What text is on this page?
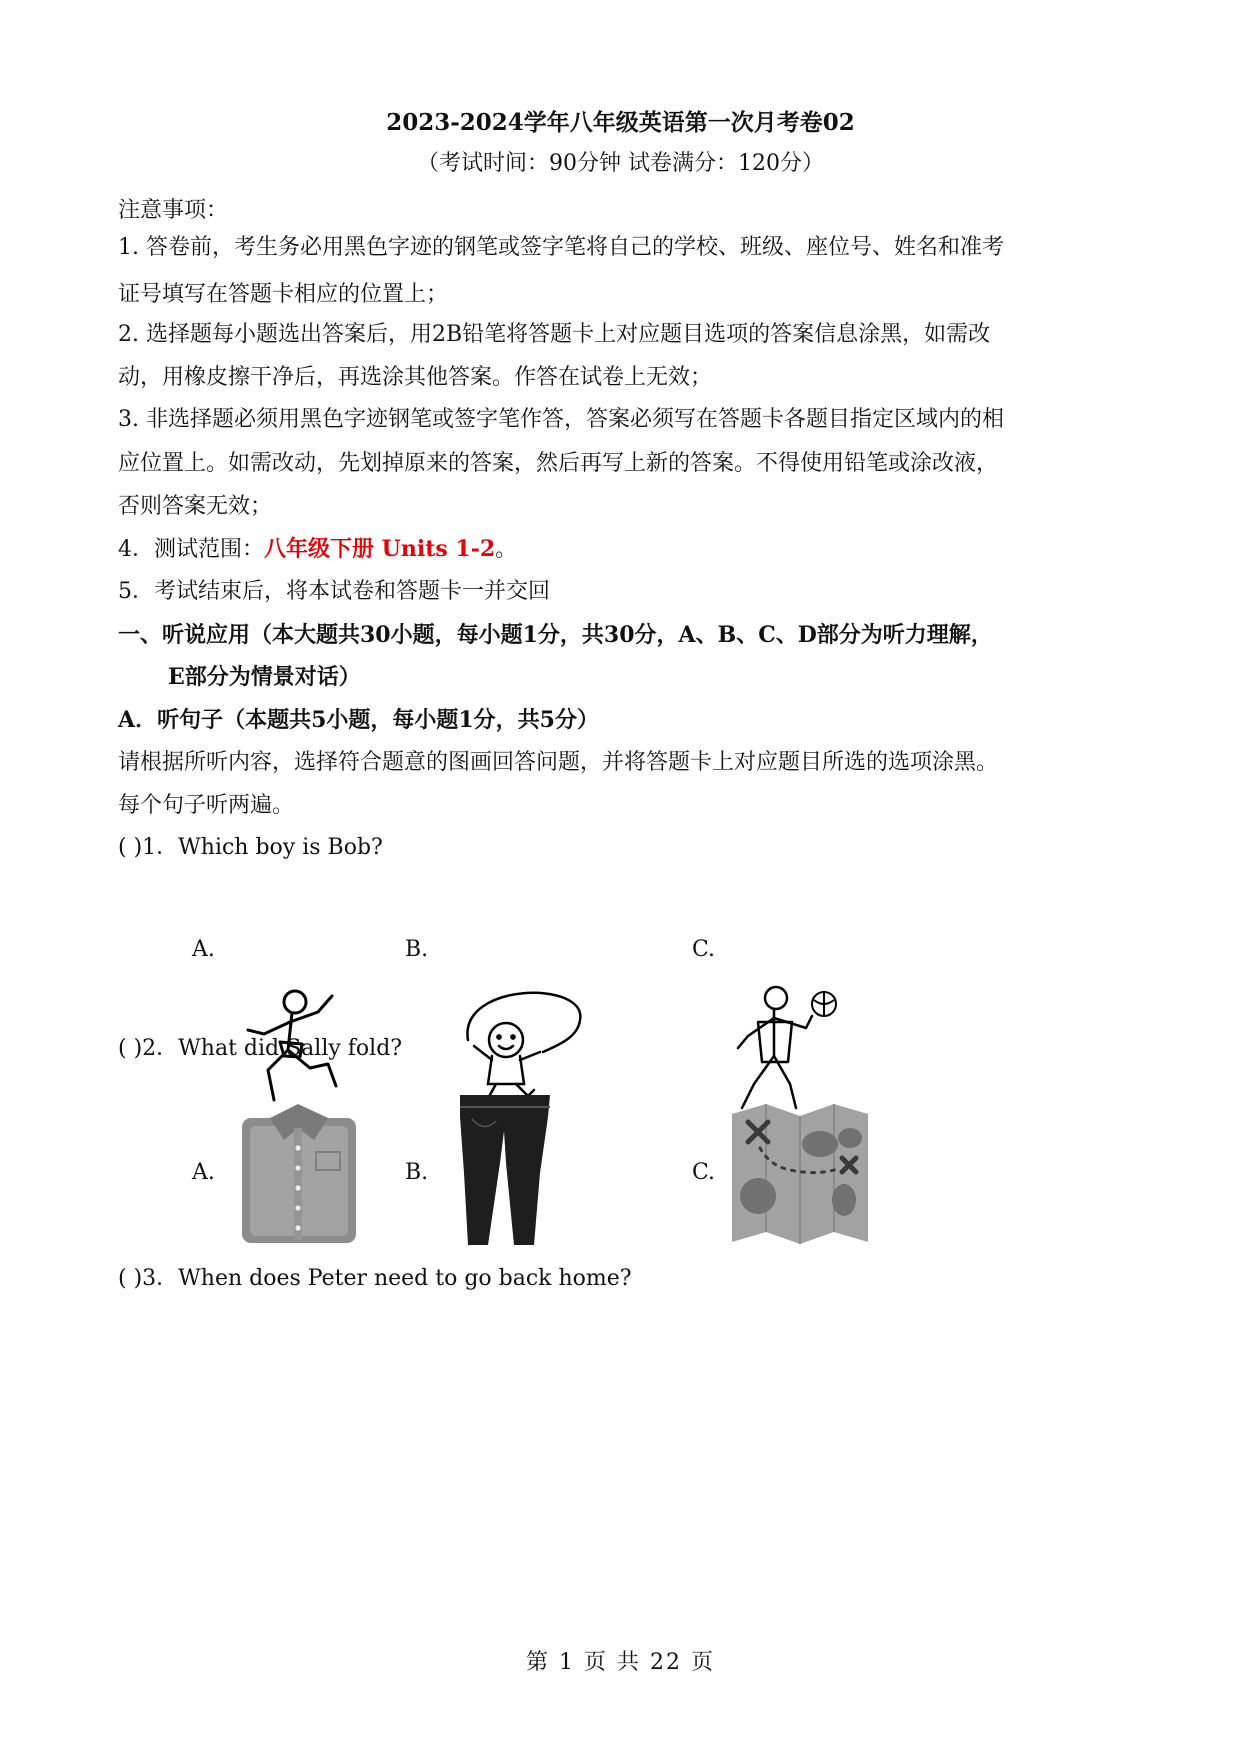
2023-2024学年八年级英语第一次月考卷02
（考试时间：90分钟 试卷满分：120分）
注意事项：
1. 答卷前，考生务必用黑色字迹的钢笔或签字笔将自己的学校、班级、座位号、姓名和准考
证号填写在答题卡相应的位置上；
2. 选择题每小题选出答案后，用2B铅笔将答题卡上对应题目选项的答案信息涂黑，如需改
动，用橡皮擦干净后，再选涂其他答案。作答在试卷上无效；
3. 非选择题必须用黑色字迹钢笔或签字笔作答，答案必须写在答题卡各题目指定区域内的相
应位置上。如需改动，先划掉原来的答案，然后再写上新的答案。不得使用铅笔或涂改液，
否则答案无效；
4．测试范围：八年级下册 Units 1-2。
5．考试结束后，将本试卷和答题卡一并交回
一、听说应用（本大题共30小题，每小题1分，共30分，A、B、C、D部分为听力理解，
E部分为情景对话）
A．听句子（本题共5小题，每小题1分，共5分）
请根据所听内容，选择符合题意的图画回答问题，并将答题卡上对应题目所选的选项涂黑。
每个句子听两遍。
( )1．Which boy is Bob?
A.	B.	C.
( )2．What did Sally fold?
A.	B.	C.
( )3．When does Peter need to go back home?
第 1 页 共 22 页
